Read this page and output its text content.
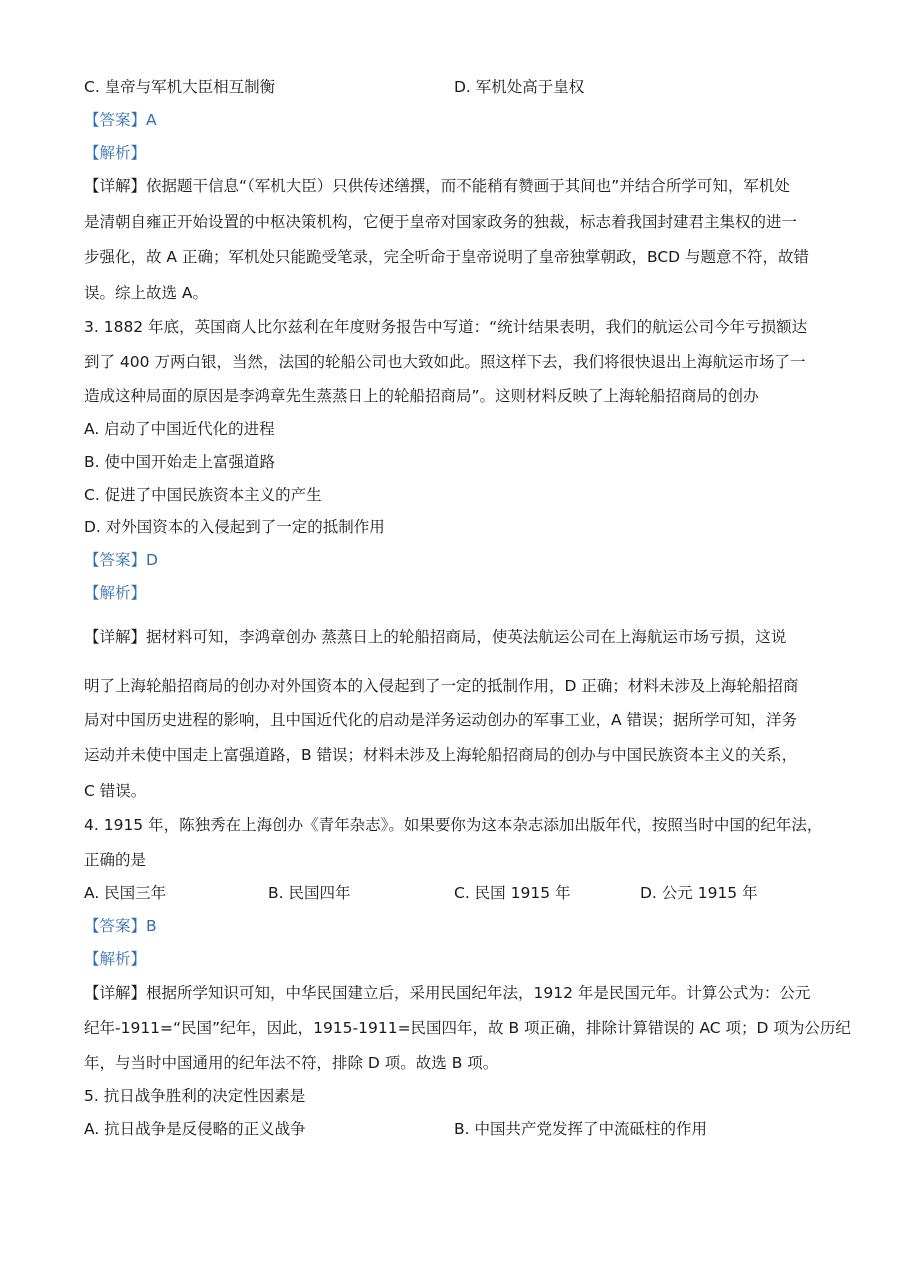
C. 皇帝与军机大臣相互制衡	D. 军机处高于皇权
【答案】A
【解析】
【详解】依据题干信息“（军机大臣）只供传述缮撰，而不能稍有赞画于其间也”并结合所学可知，军机处
是清朝自雍正开始设置的中枢决策机构，它便于皇帝对国家政务的独裁，标志着我国封建君主集权的进一
步强化，故 A 正确；军机处只能跪受笔录，完全听命于皇帝说明了皇帝独掌朝政，BCD 与题意不符，故错
误。综上故选 A。
3. 1882 年底，英国商人比尔兹利在年度财务报告中写道：“统计结果表明，我们的航运公司今年亏损额达
到了 400 万两白银，当然，法国的轮船公司也大致如此。照这样下去，我们将很快退出上海航运市场了一
造成这种局面的原因是李鸿章先生蒸蒸日上的轮船招商局”。这则材料反映了上海轮船招商局的创办
A. 启动了中国近代化的进程
B. 使中国开始走上富强道路
C. 促进了中国民族资本主义的产生
D. 对外国资本的入侵起到了一定的抵制作用
【答案】D
【解析】
【详解】据材料可知，李鸿章创办 蒸蒸日上的轮船招商局，使英法航运公司在上海航运市场亏损，这说
明了上海轮船招商局的创办对外国资本的入侵起到了一定的抵制作用，D 正确；材料未涉及上海轮船招商
局对中国历史进程的影响，且中国近代化的启动是洋务运动创办的军事工业，A 错误；据所学可知，洋务
运动并未使中国走上富强道路，B 错误；材料未涉及上海轮船招商局的创办与中国民族资本主义的关系，
C 错误。
4. 1915 年，陈独秀在上海创办《青年杂志》。如果要你为这本杂志添加出版年代，按照当时中国的纪年法，
正确的是
A. 民国三年	B. 民国四年	C. 民国 1915 年	D. 公元 1915 年
【答案】B
【解析】
【详解】根据所学知识可知，中华民国建立后，采用民国纪年法，1912 年是民国元年。计算公式为：公元
纪年-1911=“民国”纪年，因此，1915-1911=民国四年，故 B 项正确，排除计算错误的 AC 项；D 项为公历纪
年，与当时中国通用的纪年法不符，排除 D 项。故选 B 项。
5. 抗日战争胜利的决定性因素是
A. 抗日战争是反侵略的正义战争	B. 中国共产党发挥了中流砥柱的作用
